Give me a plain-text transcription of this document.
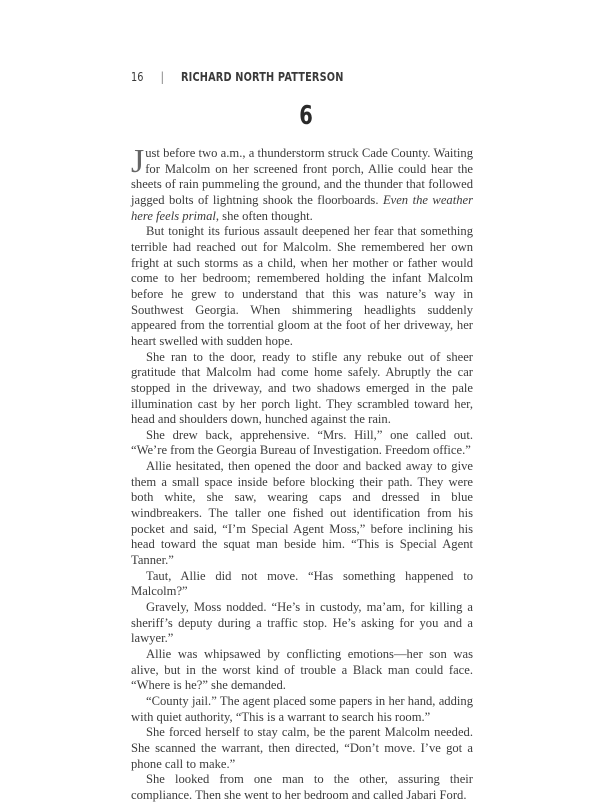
16 | RICHARD NORTH PATTERSON
6

Just before two a.m., a thunderstorm struck Cade County. Waiting for Malcolm on her screened front porch, Allie could hear the sheets of rain pummeling the ground, and the thunder that followed jagged bolts of lightning shook the floorboards. Even the weather here feels primal, she often thought.

But tonight its furious assault deepened her fear that something terrible had reached out for Malcolm. She remembered her own fright at such storms as a child, when her mother or father would come to her bedroom; remembered holding the infant Malcolm before he grew to understand that this was nature’s way in Southwest Georgia. When shimmering headlights suddenly appeared from the torrential gloom at the foot of her driveway, her heart swelled with sudden hope.

She ran to the door, ready to stifle any rebuke out of sheer gratitude that Malcolm had come home safely. Abruptly the car stopped in the driveway, and two shadows emerged in the pale illumination cast by her porch light. They scrambled toward her, head and shoulders down, hunched against the rain.

She drew back, apprehensive. “Mrs. Hill,” one called out. “We’re from the Georgia Bureau of Investigation. Freedom office.”

Allie hesitated, then opened the door and backed away to give them a small space inside before blocking their path. They were both white, she saw, wearing caps and dressed in blue windbreakers. The taller one fished out identification from his pocket and said, “I’m Special Agent Moss,” before inclining his head toward the squat man beside him. “This is Special Agent Tanner.”

Taut, Allie did not move. “Has something happened to Malcolm?”

Gravely, Moss nodded. “He’s in custody, ma’am, for killing a sheriff’s deputy during a traffic stop. He’s asking for you and a lawyer.”

Allie was whipsawed by conflicting emotions—her son was alive, but in the worst kind of trouble a Black man could face. “Where is he?” she demanded.

“County jail.” The agent placed some papers in her hand, adding with quiet authority, “This is a warrant to search his room.”

She forced herself to stay calm, be the parent Malcolm needed. She scanned the warrant, then directed, “Don’t move. I’ve got a phone call to make.”

She looked from one man to the other, assuring their compliance. Then she went to her bedroom and called Jabari Ford.
